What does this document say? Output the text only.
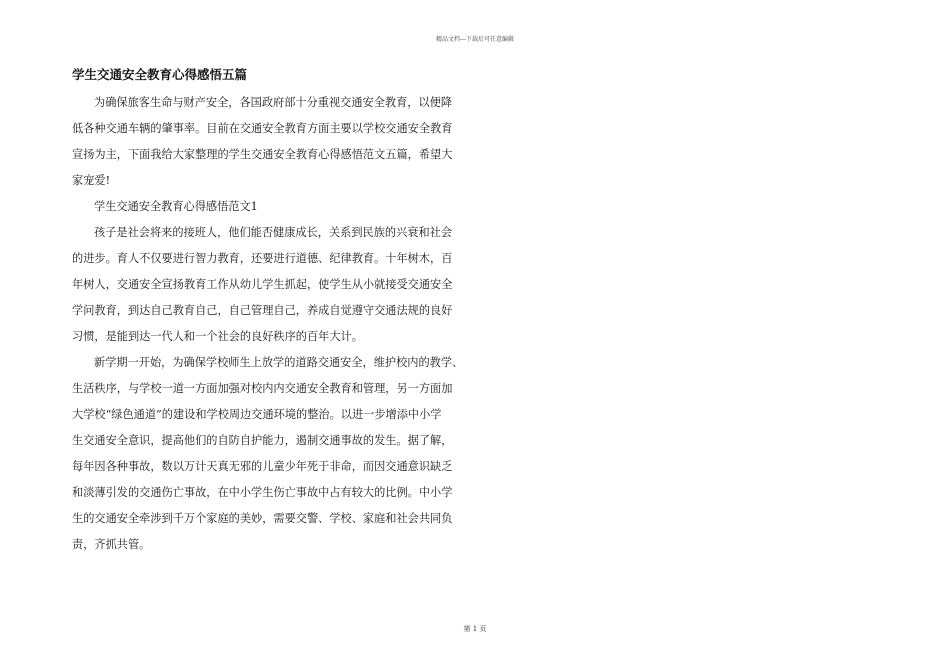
精品文档---下载后可任意编辑
学生交通安全教育心得感悟五篇

为确保旅客生命与财产安全，各国政府部十分重视交通安全教育，以便降
低各种交通车辆的肇事率。目前在交通安全教育方面主要以学校交通安全教育
宣扬为主，下面我给大家整理的学生交通安全教育心得感悟范文五篇，希望大
家宠爱!

学生交通安全教育心得感悟范文1

孩子是社会将来的接班人，他们能否健康成长，关系到民族的兴衰和社会
的进步。育人不仅要进行智力教育，还要进行道德、纪律教育。十年树木，百
年树人，交通安全宣扬教育工作从幼儿学生抓起，使学生从小就接受交通安全
学问教育，到达自己教育自己，自己管理自己，养成自觉遵守交通法规的良好
习惯，是能到达一代人和一个社会的良好秩序的百年大计。

新学期一开始，为确保学校师生上放学的道路交通安全，维护校内的教学、
生活秩序，与学校一道一方面加强对校内内交通安全教育和管理，另一方面加
大学校“绿色通道”的建设和学校周边交通环境的整治。以进一步增添中小学
生交通安全意识，提高他们的自防自护能力，遏制交通事故的发生。据了解，
每年因各种事故，数以万计天真无邪的儿童少年死于非命，而因交通意识缺乏
和淡薄引发的交通伤亡事故，在中小学生伤亡事故中占有较大的比例。中小学
生的交通安全牵涉到千万个家庭的美妙，需要交警、学校、家庭和社会共同负
责，齐抓共管。

第 1 页
